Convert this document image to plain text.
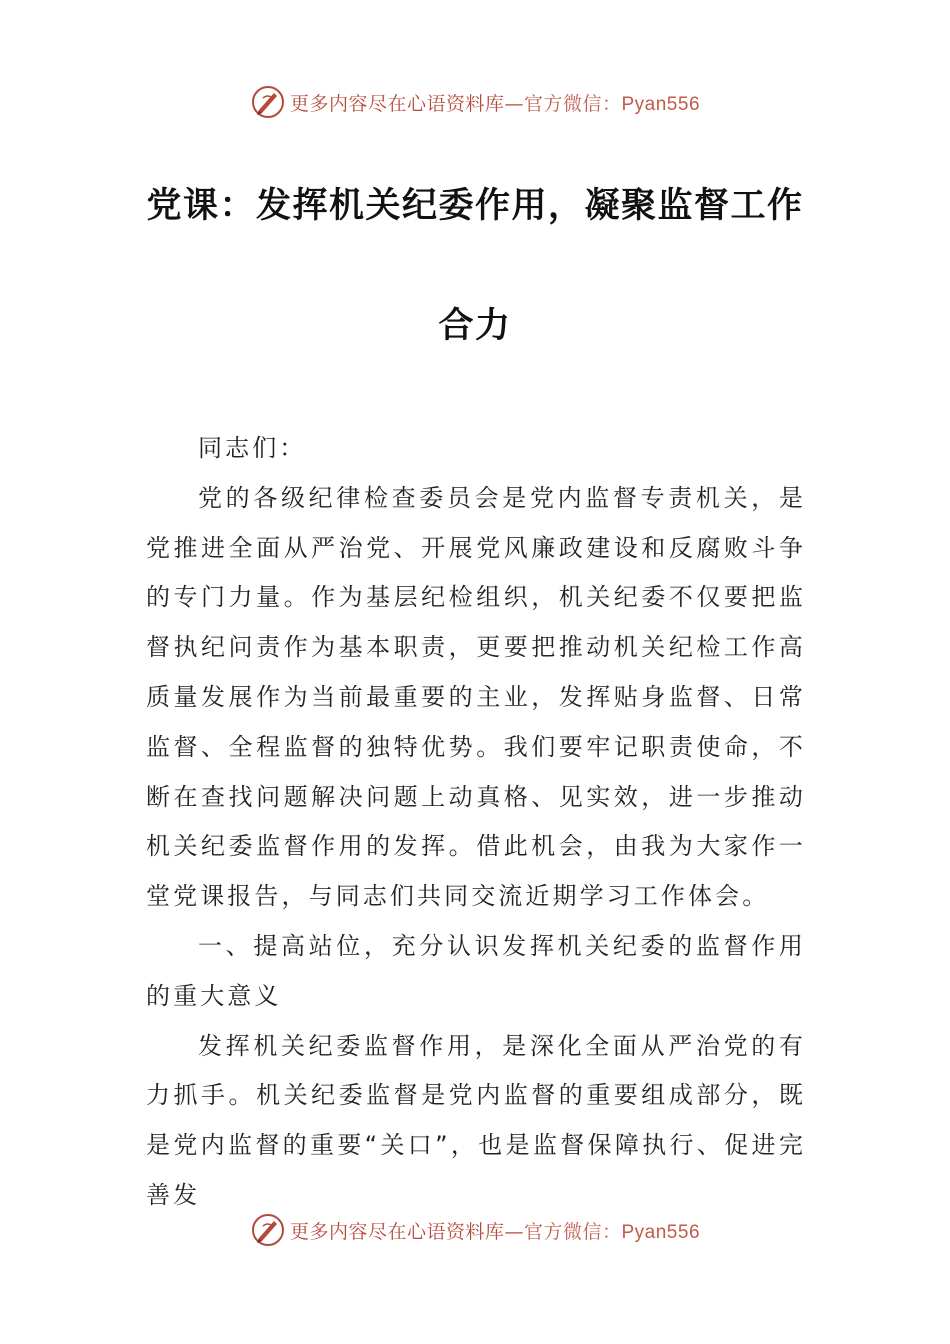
更多内容尽在心语资料库—官方微信：Pyan556
党课：发挥机关纪委作用，凝聚监督工作
合力

同志们：

党的各级纪律检查委员会是党内监督专责机关，是党推进全面从严治党、开展党风廉政建设和反腐败斗争的专门力量。作为基层纪检组织，机关纪委不仅要把监督执纪问责作为基本职责，更要把推动机关纪检工作高质量发展作为当前最重要的主业，发挥贴身监督、日常监督、全程监督的独特优势。我们要牢记职责使命，不断在查找问题解决问题上动真格、见实效，进一步推动机关纪委监督作用的发挥。借此机会，由我为大家作一堂党课报告，与同志们共同交流近期学习工作体会。

一、提高站位，充分认识发挥机关纪委的监督作用的重大意义

发挥机关纪委监督作用，是深化全面从严治党的有力抓手。机关纪委监督是党内监督的重要组成部分，既是党内监督的重要“关口”，也是监督保障执行、促进完善发

更多内容尽在心语资料库—官方微信：Pyan556
